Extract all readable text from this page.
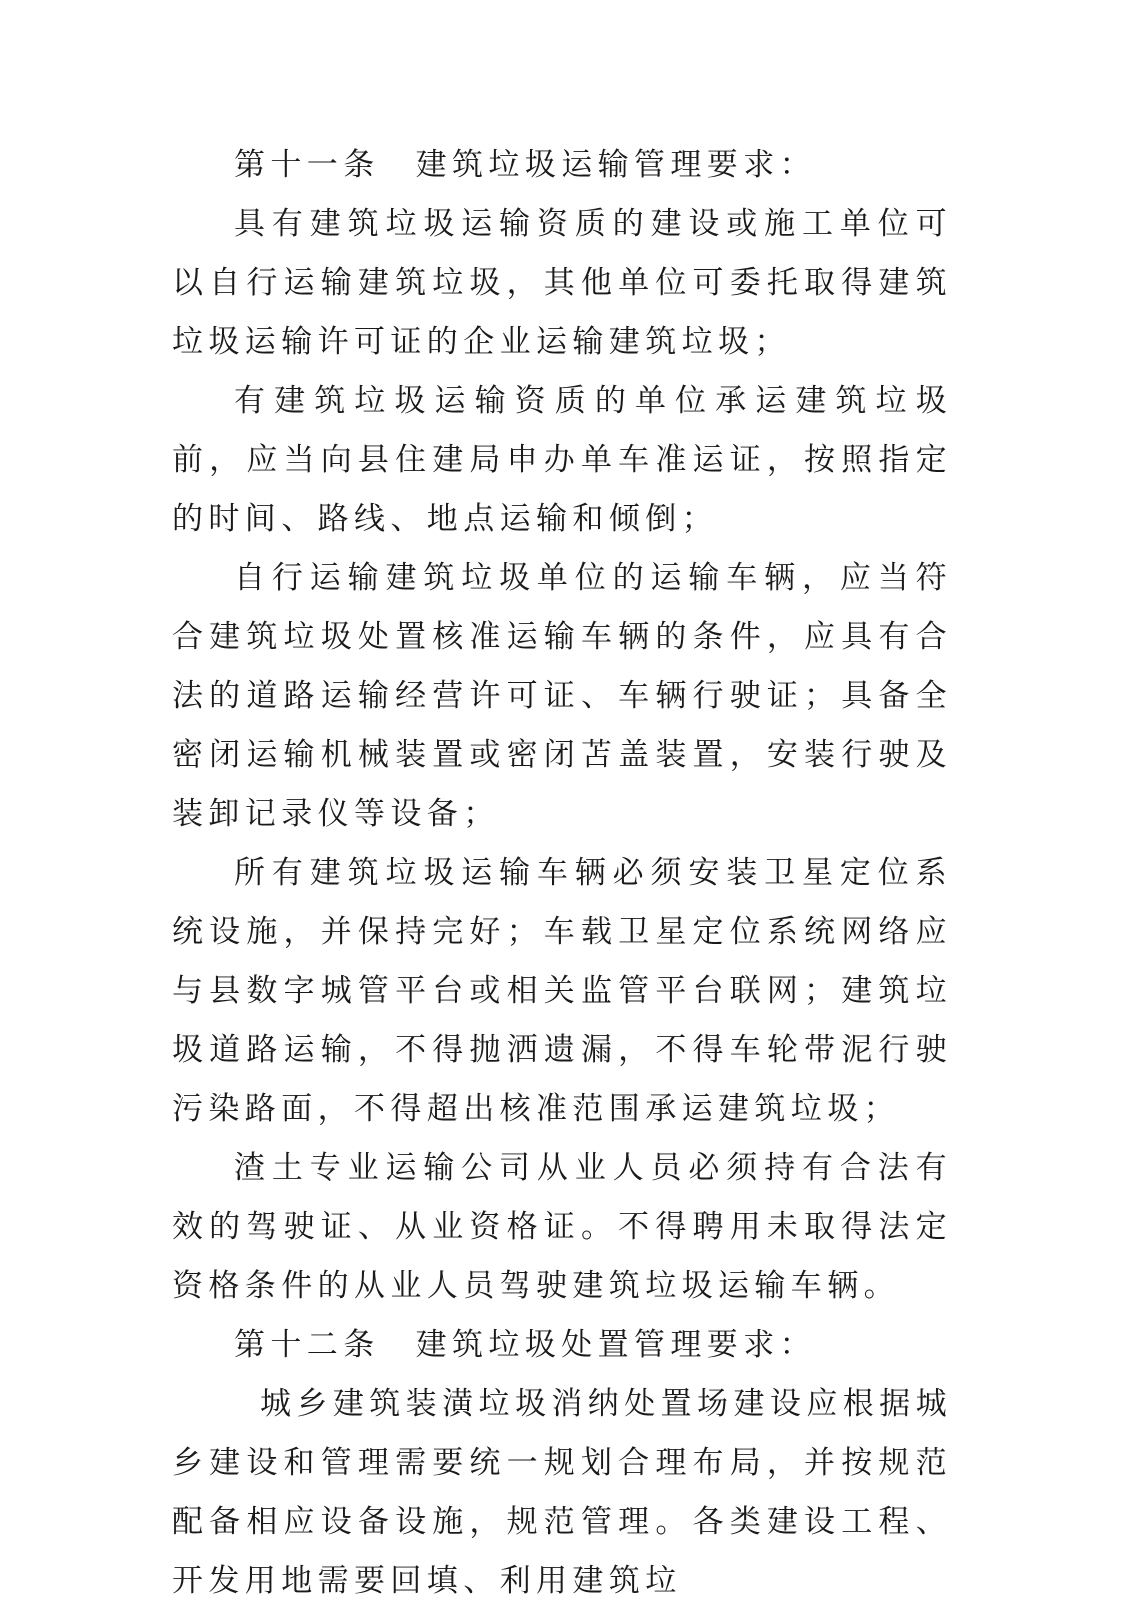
第十一条 建筑垃圾运输管理要求：

具有建筑垃圾运输资质的建设或施工单位可以自行运输建筑垃圾，其他单位可委托取得建筑垃圾运输许可证的企业运输建筑垃圾；

有建筑垃圾运输资质的单位承运建筑垃圾前，应当向县住建局申办单车准运证，按照指定的时间、路线、地点运输和倾倒；

自行运输建筑垃圾单位的运输车辆，应当符合建筑垃圾处置核准运输车辆的条件，应具有合法的道路运输经营许可证、车辆行驶证；具备全密闭运输机械装置或密闭苫盖装置，安装行驶及装卸记录仪等设备；

所有建筑垃圾运输车辆必须安装卫星定位系统设施，并保持完好；车载卫星定位系统网络应与县数字城管平台或相关监管平台联网；建筑垃圾道路运输，不得抛洒遗漏，不得车轮带泥行驶污染路面，不得超出核准范围承运建筑垃圾；

渣土专业运输公司从业人员必须持有合法有效的驾驶证、从业资格证。不得聘用未取得法定资格条件的从业人员驾驶建筑垃圾运输车辆。

第十二条 建筑垃圾处置管理要求：

城乡建筑装潢垃圾消纳处置场建设应根据城乡建设和管理需要统一规划合理布局，并按规范配备相应设备设施，规范管理。各类建设工程、开发用地需要回填、利用建筑垃
